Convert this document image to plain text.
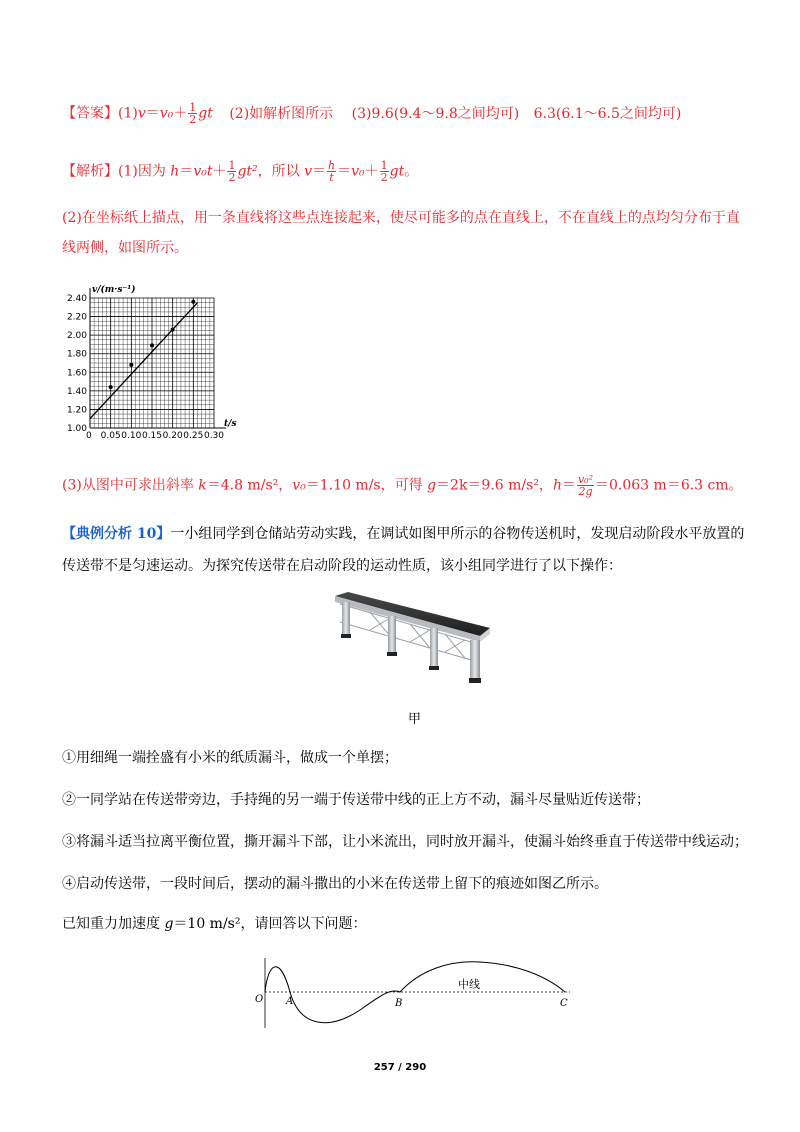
【答案】$(1)v=v_0+ \frac{1}{2}$ gt (2)如解析图所示 (3)9.6(9.4～9.8之间均可) 6.3(6.1～6.5之间均可)
【解析】(1)因为 $h=v_0t+ \frac{1}{2} gt^2$，所以 $v= \frac{h}{t} =v_0+ \frac{1}{2}$ gt。
(2)在坐标纸上描点，用一条直线将这些点连接起来，使尽可能多的点在直线上，不在直线上的点均匀分布于直
线两侧，如图所示。
1.00
1.20
1.40
1.60
1.80
2.00
2.20
2.40
0.05 0.10 0.15 0.20 0.25 0.30
v/(m·s⁻¹)
t/s
0
(3)从图中可求出斜率 k＝4.8 m/s²，v₀＝1.10 m/s，可得 g＝2k＝9.6 m/s²，$h= \frac{\text{v₀²}}{2g} =0.063$ m＝6.3 cm。
【典例分析 10】一小组同学到仓储站劳动实践，在调试如图甲所示的谷物传送机时，发现启动阶段水平放置的
传送带不是匀速运动。为探究传送带在启动阶段的运动性质，该小组同学进行了以下操作：
甲
①用细绳一端拴盛有小米的纸质漏斗，做成一个单摆；
②一同学站在传送带旁边，手持绳的另一端于传送带中线的正上方不动，漏斗尽量贴近传送带；
③将漏斗适当拉离平衡位置，撕开漏斗下部，让小米流出，同时放开漏斗，使漏斗始终垂直于传送带中线运动；
④启动传送带，一段时间后，摆动的漏斗撒出的小米在传送带上留下的痕迹如图乙所示。
已知重力加速度 g＝10 m/s²，请回答以下问题：
O A	B	C
中线
257 / 290
